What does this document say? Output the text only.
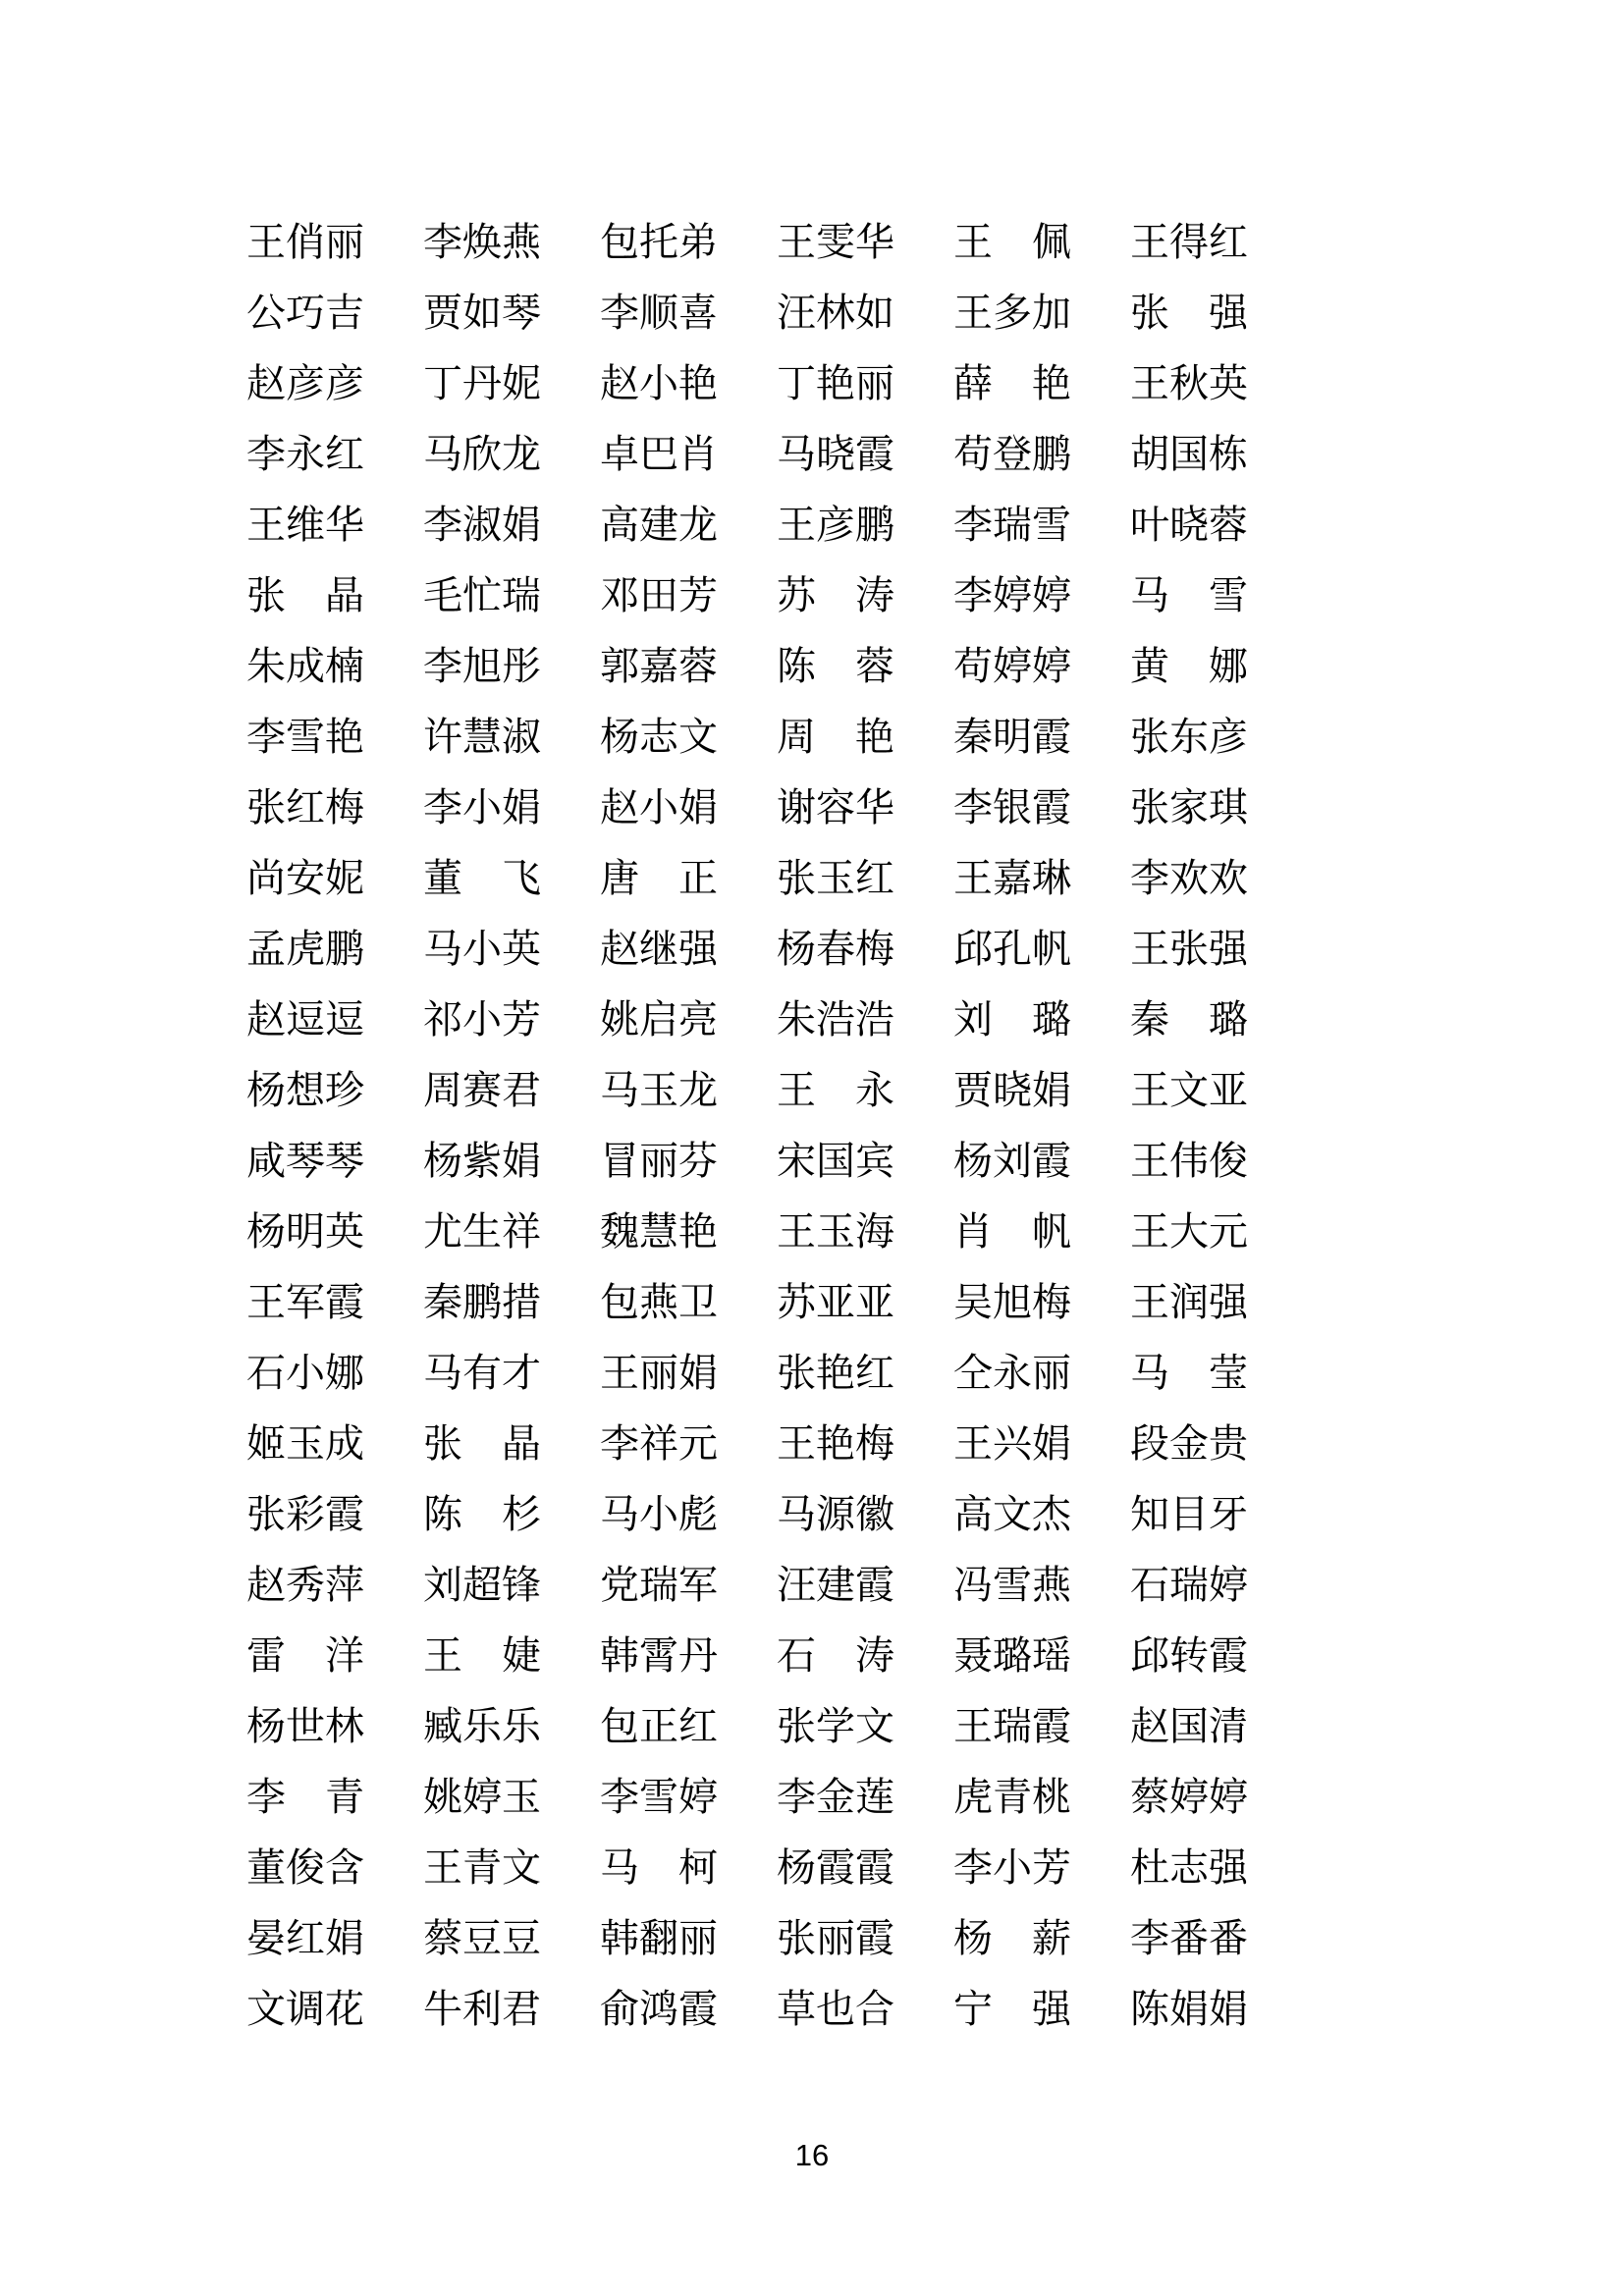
王 俏 丽 李 焕 燕 包 托 弟 王 雯 华 王 佩 王 得 红
公 巧 吉 贾 如 琴 李 顺 喜 汪 林 如 王 多 加 张 强
赵 彦 彦 丁 丹 妮 赵 小 艳 丁 艳 丽 薛 艳 王 秋 英
李 永 红 马 欣 龙 卓 巴 肖 马 晓 霞 苟 登 鹏 胡 国 栋
王 维 华 李 淑 娟 高 建 龙 王 彦 鹏 李 瑞 雪 叶 晓 蓉
张 晶 毛 忙 瑞 邓 田 芳 苏 涛 李 婷 婷 马 雪
朱 成 楠 李 旭 彤 郭 嘉 蓉 陈 蓉 苟 婷 婷 黄 娜
李 雪 艳 许 慧 淑 杨 志 文 周 艳 秦 明 霞 张 东 彦
张 红 梅 李 小 娟 赵 小 娟 谢 容 华 李 银 霞 张 家 琪
尚 安 妮 董 飞 唐 正 张 玉 红 王 嘉 琳 李 欢 欢
孟 虎 鹏 马 小 英 赵 继 强 杨 春 梅 邱 孔 帆 王 张 强
赵 逗 逗 祁 小 芳 姚 启 亮 朱 浩 浩 刘 璐 秦 璐
杨 想 珍 周 赛 君 马 玉 龙 王 永 贾 晓 娟 王 文 亚
咸 琴 琴 杨 紫 娟 冒 丽 芬 宋 国 宾 杨 刘 霞 王 伟 俊
杨 明 英 尤 生 祥 魏 慧 艳 王 玉 海 肖 帆 王 大 元
王 军 霞 秦 鹏 措 包 燕 卫 苏 亚 亚 吴 旭 梅 王 润 强
石 小 娜 马 有 才 王 丽 娟 张 艳 红 仝 永 丽 马 莹
姬 玉 成 张 晶 李 祥 元 王 艳 梅 王 兴 娟 段 金 贵
张 彩 霞 陈 杉 马 小 彪 马 源 徽 高 文 杰 知 目 牙
赵 秀 萍 刘 超 锋 党 瑞 军 汪 建 霞 冯 雪 燕 石 瑞 婷
雷 洋 王 婕 韩 霄 丹 石 涛 聂 璐 瑶 邱 转 霞
杨 世 林 臧 乐 乐 包 正 红 张 学 文 王 瑞 霞 赵 国 清
李 青 姚 婷 玉 李 雪 婷 李 金 莲 虎 青 桃 蔡 婷 婷
董 俊 含 王 青 文 马 柯 杨 霞 霞 李 小 芳 杜 志 强
晏 红 娟 蔡 豆 豆 韩 翻 丽 张 丽 霞 杨 薪 李 番 番
文 调 花 牛 利 君 俞 鸿 霞 草 也 合 宁 强 陈 娟 娟
16
